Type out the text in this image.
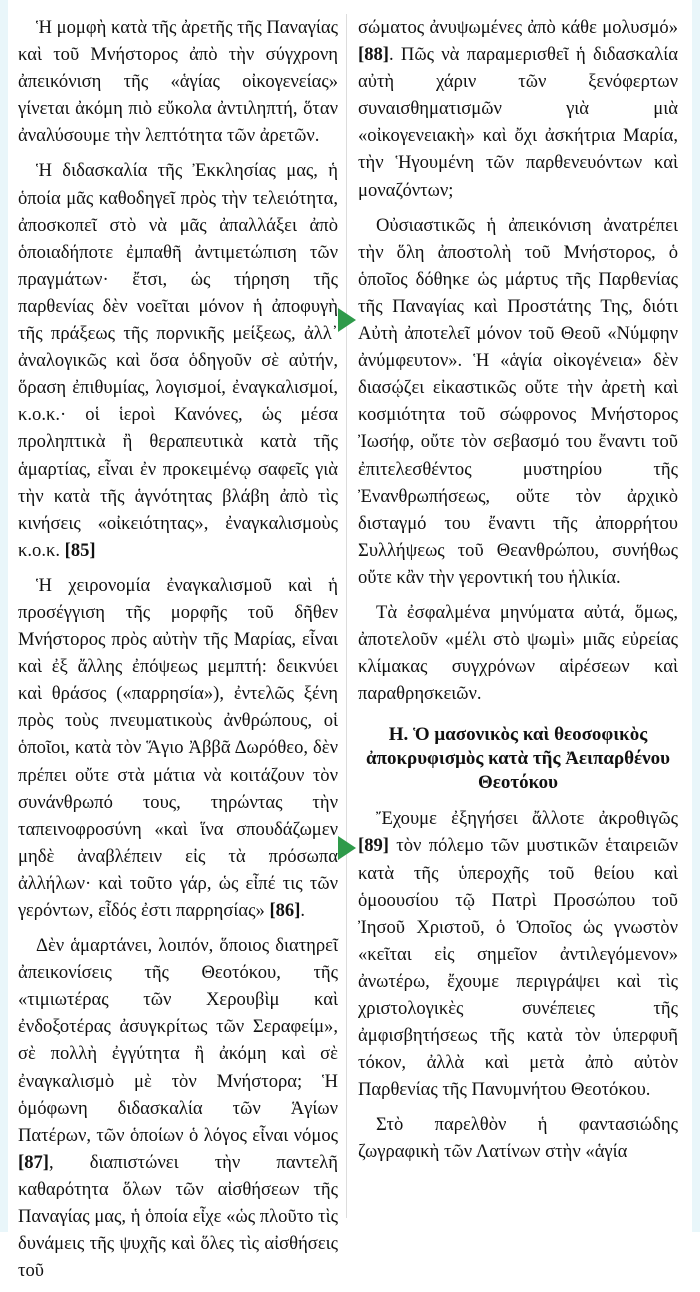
Ἡ μομφὴ κατὰ τῆς ἀρετῆς τῆς Παναγίας καὶ τοῦ Μνήστορος ἀπὸ τὴν σύγχρονη ἀπεικόνιση τῆς «ἁγίας οἰκογενείας» γίνεται ἀκόμη πιὸ εὔκολα ἀντιληπτή, ὅταν ἀναλύσουμε τὴν λεπτότητα τῶν ἀρετῶν.

Ἡ διδασκαλία τῆς Ἐκκλησίας μας, ἡ ὁποία μᾶς καθοδηγεῖ πρὸς τὴν τελειότητα, ἀποσκοπεῖ στὸ νὰ μᾶς ἀπαλλάξει ἀπὸ ὁποιαδήποτε ἐμπαθῆ ἀντιμετώπιση τῶν πραγμάτων· ἔτσι, ὡς τήρηση τῆς παρθενίας δὲν νοεῖται μόνον ἡ ἀποφυγὴ τῆς πράξεως τῆς πορνικῆς μείξεως, ἀλλ᾽ ἀναλογικῶς καὶ ὅσα ὁδηγοῦν σὲ αὐτήν, ὅραση ἐπιθυμίας, λογισμοί, ἐναγκαλισμοί, κ.ο.κ.· οἱ ἱεροὶ Κανόνες, ὡς μέσα προληπτικὰ ἢ θεραπευτικὰ κατὰ τῆς ἁμαρτίας, εἶναι ἐν προκειμένῳ σαφεῖς γιὰ τὴν κατὰ τῆς ἁγνότητας βλάβη ἀπὸ τὶς κινήσεις «οἰκειότητας», ἐναγκαλισμοὺς κ.ο.κ. [85]

Ἡ χειρονομία ἐναγκαλισμοῦ καὶ ἡ προσέγγιση τῆς μορφῆς τοῦ δῆθεν Μνήστορος πρὸς αὐτὴν τῆς Μαρίας, εἶναι καὶ ἐξ ἄλλης ἐπόψεως μεμπτή: δεικνύει καὶ θράσος («παρρησία»), ἐντελῶς ξένη πρὸς τοὺς πνευματικοὺς ἀνθρώπους, οἱ ὁποῖοι, κατὰ τὸν Ἅγιο Ἀββᾶ Δωρόθεο, δὲν πρέπει οὔτε στὰ μάτια νὰ κοιτάζουν τὸν συνάνθρωπό τους, τηρώντας τὴν ταπεινοφροσύνη «καὶ ἵνα σπουδάζωμεν μηδὲ ἀναβλέπειν εἰς τὰ πρόσωπα ἀλλήλων· καὶ τοῦτο γάρ, ὡς εἶπέ τις τῶν γερόντων, εἶδός ἐστι παρρησίας» [86].

Δὲν ἁμαρτάνει, λοιπόν, ὅποιος διατηρεῖ ἀπεικονίσεις τῆς Θεοτόκου, τῆς «τιμιωτέρας τῶν Χερουβὶμ καὶ ἐνδοξοτέρας ἀσυγκρίτως τῶν Σεραφείμ», σὲ πολλὴ ἐγγύτητα ἢ ἀκόμη καὶ σὲ ἐναγκαλισμὸ μὲ τὸν Μνήστορα; Ἡ ὁμόφωνη διδασκαλία τῶν Ἁγίων Πατέρων, τῶν ὁποίων ὁ λόγος εἶναι νόμος [87], διαπιστώνει τὴν παντελῆ καθαρότητα ὅλων τῶν αἰσθήσεων τῆς Παναγίας μας, ἡ ὁποία εἶχε «ὡς πλοῦτο τὶς δυνάμεις τῆς ψυχῆς καὶ ὅλες τὶς αἰσθήσεις τοῦ

σώματος ἀνυψωμένες ἀπὸ κάθε μολυσμό» [88]. Πῶς νὰ παραμερισθεῖ ἡ διδασκαλία αὐτὴ χάριν τῶν ξενόφερτων συναισθηματισμῶν γιὰ μιὰ «οἰκογενειακὴ» καὶ ὄχι ἀσκήτρια Μαρία, τὴν Ἡγουμένη τῶν παρθενευόντων καὶ μοναζόντων;

Οὐσιαστικῶς ἡ ἀπεικόνιση ἀνατρέπει τὴν ὅλη ἀποστολὴ τοῦ Μνήστορος, ὁ ὁποῖος δόθηκε ὡς μάρτυς τῆς Παρθενίας τῆς Παναγίας καὶ Προστάτης Της, διότι Αὐτὴ ἀποτελεῖ μόνον τοῦ Θεοῦ «Νύμφην ἀνύμφευτον». Ἡ «ἁγία οἰκογένεια» δὲν διασῴζει εἰκαστικῶς οὔτε τὴν ἀρετὴ καὶ κοσμιότητα τοῦ σώφρονος Μνήστορος Ἰωσήφ, οὔτε τὸν σεβασμό του ἔναντι τοῦ ἐπιτελεσθέντος μυστηρίου τῆς Ἐνανθρωπήσεως, οὔτε τὸν ἀρχικὸ δισταγμό του ἔναντι τῆς ἀπορρήτου Συλλήψεως τοῦ Θεανθρώπου, συνήθως οὔτε κἂν τὴν γεροντική του ἡλικία.

Τὰ ἐσφαλμένα μηνύματα αὐτά, ὅμως, ἀποτελοῦν «μέλι στὸ ψωμὶ» μιᾶς εὐρείας κλίμακας συγχρόνων αἱρέσεων καὶ παραθρησκειῶν.

Η. Ὁ μασονικὸς καὶ θεοσοφικὸς ἀποκρυφισμὸς κατὰ τῆς Ἀειπαρθένου Θεοτόκου

Ἔχουμε ἐξηγήσει ἄλλοτε ἀκροθιγῶς [89] τὸν πόλεμο τῶν μυστικῶν ἑταιρειῶν κατὰ τῆς ὑπεροχῆς τοῦ θείου καὶ ὁμοουσίου τῷ Πατρὶ Προσώπου τοῦ Ἰησοῦ Χριστοῦ, ὁ Ὁποῖος ὡς γνωστὸν «κεῖται εἰς σημεῖον ἀντιλεγόμενον» ἀνωτέρω, ἔχουμε περιγράψει καὶ τὶς χριστολογικὲς συνέπειες τῆς ἀμφισβητήσεως τῆς κατὰ τὸν ὑπερφυῆ τόκον, ἀλλὰ καὶ μετὰ ἀπὸ αὐτὸν Παρθενίας τῆς Πανυμνήτου Θεοτόκου.

Στὸ παρελθὸν ἡ φαντασιώδης ζωγραφικὴ τῶν Λατίνων στὴν «ἁγία
